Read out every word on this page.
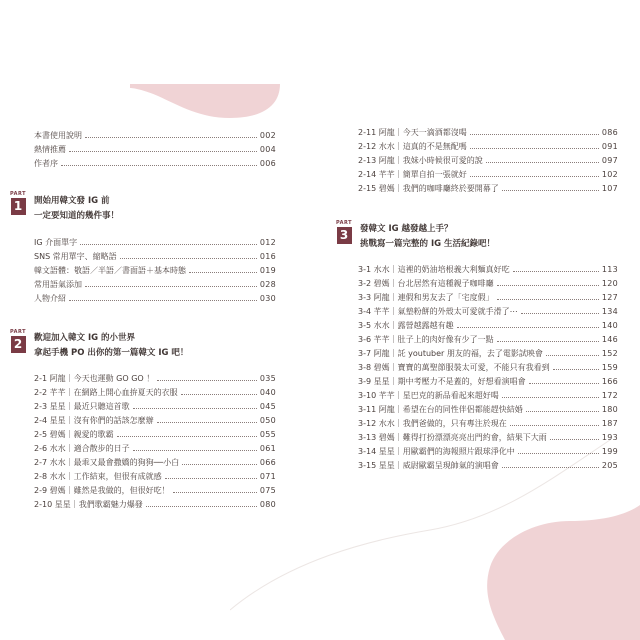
本書使用說明	002
熱情推薦	004
作者序	006
PART
1	開始用韓文發 IG 前
一定要知道的幾件事！
IG 介面單字	012
SNS 常用單字、縮略語	016
韓文語體：敬語／半語／書面語＋基本時態	019
常用語氣添加	028
人物介紹	030
PART
2	歡迎加入韓文 IG 的小世界
拿起手機 PO 出你的第一篇韓文 IG 吧！
2-1 阿龍｜今天也運動 GO GO ！	035
2-2 芊芊｜在網路上開心血拚夏天的衣服	040
2-3 星星｜最近只聽這首歌	045
2-4 星星｜沒有你們的話該怎麼辦	050
2-5 碧媽｜親愛的歌霸	055
2-6 水水｜適合散步的日子	061
2-7 水水｜最乖又最會撒嬌的狗狗──小白	066
2-8 水水｜工作結束，但很有成就感	071
2-9 碧媽｜雖然是我做的，但很好吃！	075
2-10 星星｜我們歌霸魅力爆發	080
2-11 阿龍｜今天一滴酒都沒喝	086
2-12 水水｜這真的不是無配嗎	091
2-13 阿龍｜我妹小時候很可愛的說	097
2-14 芊芊｜簡單自拍一張就好	102
2-15 碧媽｜我們的咖啡廳終於要開幕了	107
PART
3	發韓文 IG 越發越上手？
挑戰寫一篇完整的 IG 生活紀錄吧！
3-1 水水｜這裡的奶油培根義大利麵真好吃	113
3-2 碧媽｜台北居然有這種親子咖啡廳	120
3-3 阿龍｜連假和男友去了「宅度假」	127
3-4 芊芊｜氣墊粉餅的外殼太可愛就手滑了⋯	134
3-5 水水｜露營越露越有趣	140
3-6 芊芊｜肚子上的肉好像有少了一點	146
3-7 阿龍｜託 youtuber 朋友的福，去了電影試映會	152
3-8 碧媽｜寶寶的萬聖節服裝太可愛，不能只有我看到	159
3-9 星星｜期中考壓力不是蓋的，好想看演唱會	166
3-10 芊芊｜星巴克的新品看起來超好喝	172
3-11 阿龍｜希望在台的同性伴侶都能趕快結婚	180
3-12 水水｜我們爸做的，只有專注於現在	187
3-13 碧媽｜難得打扮漂漂亮亮出門約會，結果下大雨	193
3-14 星星｜用歐霸們的海報照片跟球淨化中	199
3-15 星星｜威尉歐霸呈現帥氣的演唱會	205
